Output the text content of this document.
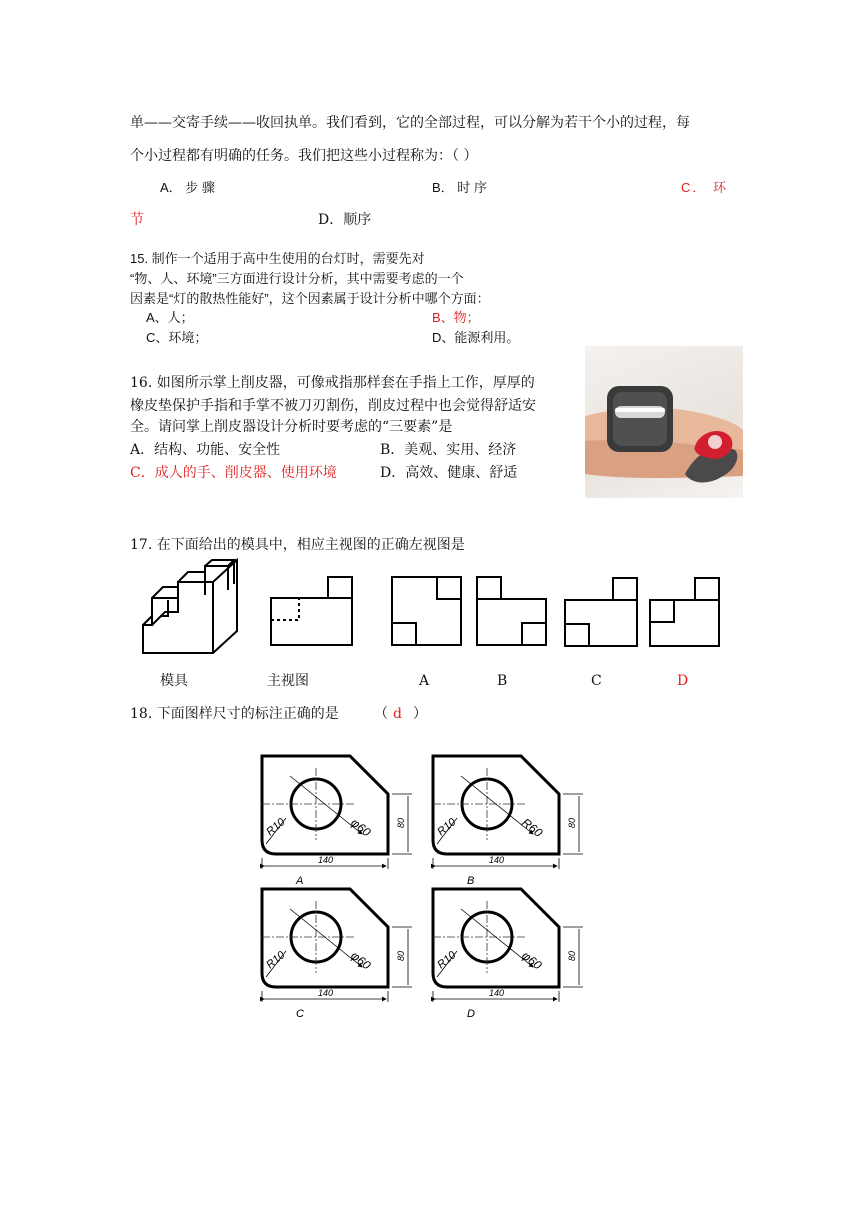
单——交寄手续——收回执单。我们看到，它的全部过程，可以分解为若干个小的过程，每
个小过程都有明确的任务。我们把这些小过程称为：（ ）
A． 步 骤	B． 时 序	C． 环
节	D．顺序
15. 制作一个适用于高中生使用的台灯时，需要先对
“物、人、环境”三方面进行设计分析，其中需要考虑的一个
因素是“灯的散热性能好”，这个因素属于设计分析中哪个方面：
A、人；	B、物；
C、环境；	D、能源利用。
16. 如图所示掌上削皮器，可像戒指那样套在手指上工作，厚厚的
橡皮垫保护手指和手掌不被刀刃割伤，削皮过程中也会觉得舒适安
全。请问掌上削皮器设计分析时要考虑的“三要素”是
A．结构、功能、安全性	B．美观、实用、经济
C．成人的手、削皮器、使用环境	D．高效、健康、舒适
17. 在下面给出的模具中，相应主视图的正确左视图是
模具	主视图	A	B	C	D
18. 下面图样尺寸的标注正确的是	（ d ）
φ60
R10
140
80
A
R60
R10
140
80
B
φ60
R10
140
80
C
φ60
R10
140
80
D
